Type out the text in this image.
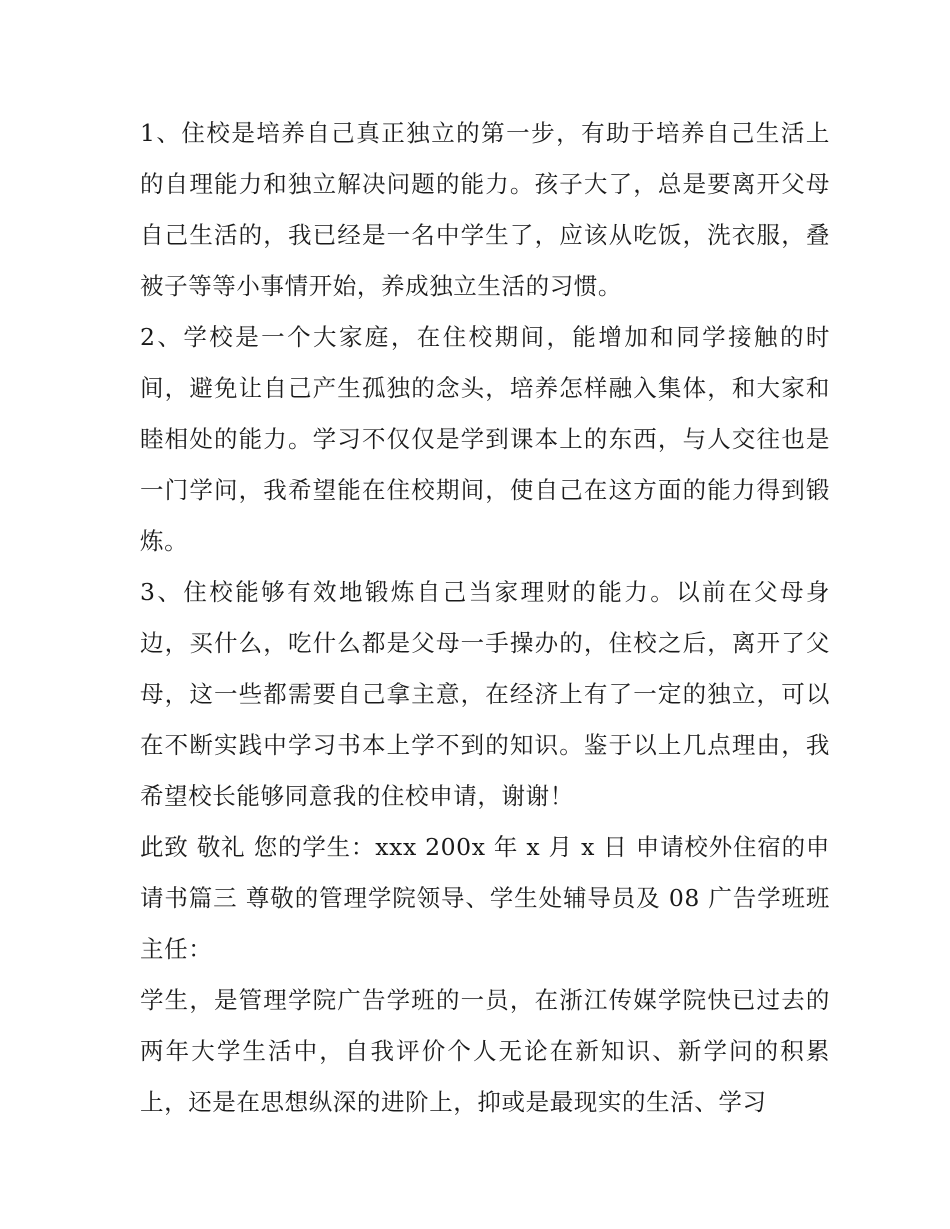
1、住校是培养自己真正独立的第一步，有助于培养自己生活上的自理能力和独立解决问题的能力。孩子大了，总是要离开父母自己生活的，我已经是一名中学生了，应该从吃饭，洗衣服，叠被子等等小事情开始，养成独立生活的习惯。

2、学校是一个大家庭，在住校期间，能增加和同学接触的时间，避免让自己产生孤独的念头，培养怎样融入集体，和大家和睦相处的能力。学习不仅仅是学到课本上的东西，与人交往也是一门学问，我希望能在住校期间，使自己在这方面的能力得到锻炼。

3、住校能够有效地锻炼自己当家理财的能力。以前在父母身边，买什么，吃什么都是父母一手操办的，住校之后，离开了父母，这一些都需要自己拿主意，在经济上有了一定的独立，可以在不断实践中学习书本上学不到的知识。鉴于以上几点理由，我希望校长能够同意我的住校申请，谢谢！

此致 敬礼 您的学生：xxx 200x 年 x 月 x 日 申请校外住宿的申请书篇三 尊敬的管理学院领导、学生处辅导员及 08 广告学班班主任：

学生，是管理学院广告学班的一员，在浙江传媒学院快已过去的两年大学生活中，自我评价个人无论在新知识、新学问的积累上，还是在思想纵深的进阶上，抑或是最现实的生活、学习
